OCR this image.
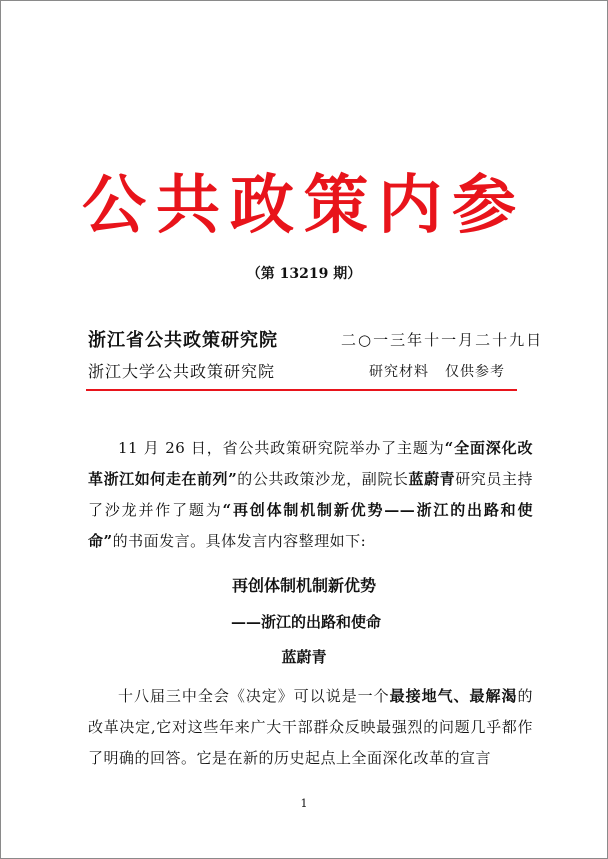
公共政策内参
（第 13219 期）
浙江省公共政策研究院	二○一三年十一月二十九日
浙江大学公共政策研究院	研究材料 仅供参考
11 月 26 日，省公共政策研究院举办了主题为“全面深化改革浙江如何走在前列”的公共政策沙龙，副院长蓝蔚青研究员主持了沙龙并作了题为“再创体制机制新优势——浙江的出路和使命”的书面发言。具体发言内容整理如下:
再创体制机制新优势
——浙江的出路和使命
蓝蔚青
十八届三中全会《决定》可以说是一个最接地气、最解渴的改革决定,它对这些年来广大干部群众反映最强烈的问题几乎都作了明确的回答。它是在新的历史起点上全面深化改革的宣言
1
